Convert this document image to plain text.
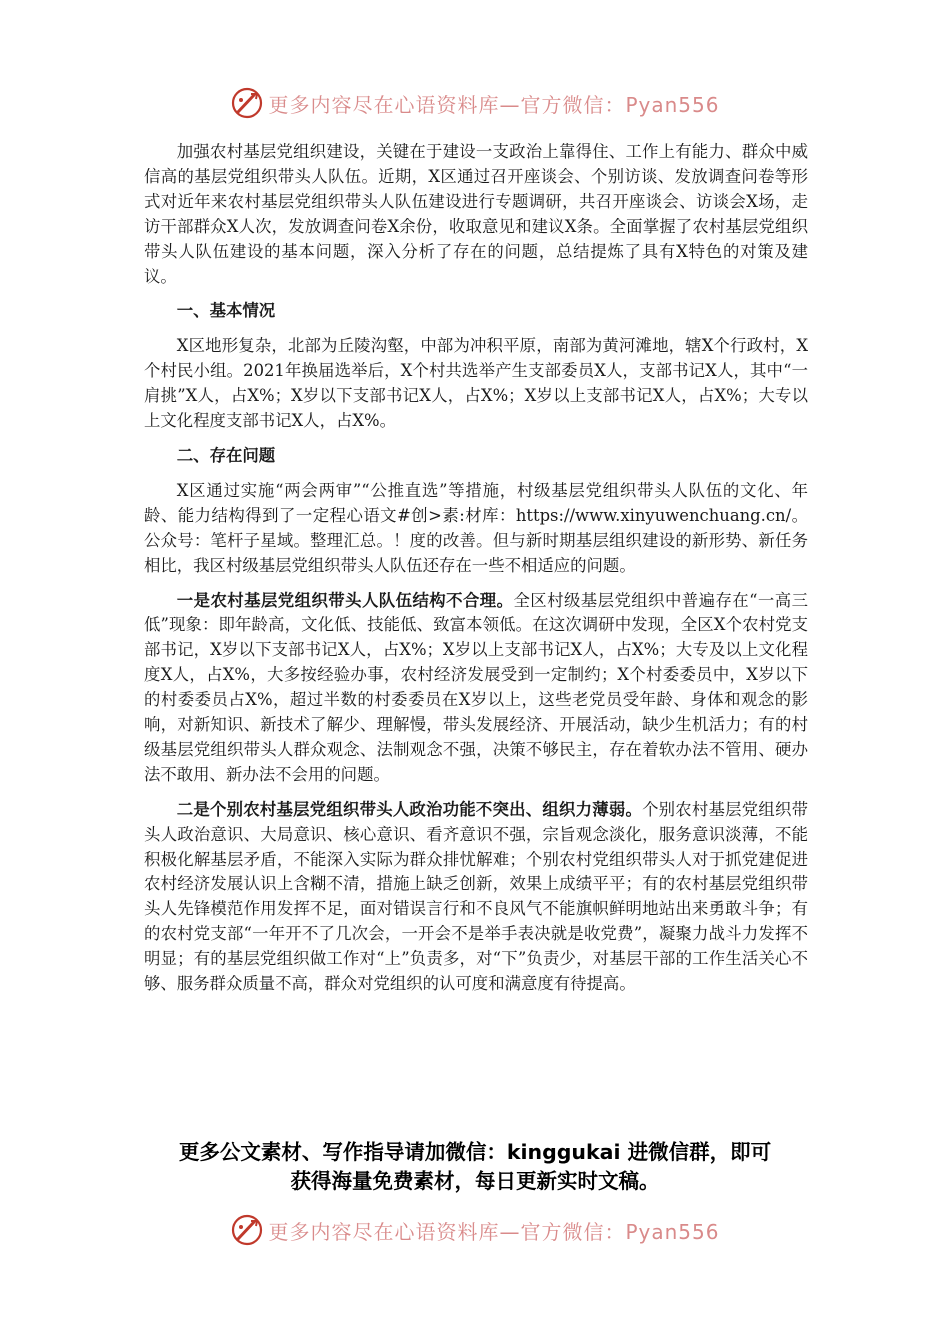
更多内容尽在心语资料库—官方微信：Pyan556

加强农村基层党组织建设，关键在于建设一支政治上靠得住、工作上有能力、群众中威信高的基层党组织带头人队伍。近期，X区通过召开座谈会、个别访谈、发放调查问卷等形式对近年来农村基层党组织带头人队伍建设进行专题调研，共召开座谈会、访谈会X场，走访干部群众X人次，发放调查问卷X余份，收取意见和建议X条。全面掌握了农村基层党组织带头人队伍建设的基本问题，深入分析了存在的问题，总结提炼了具有X特色的对策及建议。

一、基本情况

X区地形复杂，北部为丘陵沟壑，中部为冲积平原，南部为黄河滩地，辖X个行政村，X个村民小组。2021年换届选举后，X个村共选举产生支部委员X人，支部书记X人，其中“一肩挑”X人，占X%；X岁以下支部书记X人，占X%；X岁以上支部书记X人，占X%；大专以上文化程度支部书记X人，占X%。

二、存在问题

X区通过实施“两会两审”“公推直选”等措施，村级基层党组织带头人队伍的文化、年龄、能力结构得到了一定程心语文#创>素:材库：https://www.xinyuwenchuang.cn/。公众号：笔杆子星域。整理汇总。！度的改善。但与新时期基层组织建设的新形势、新任务相比，我区村级基层党组织带头人队伍还存在一些不相适应的问题。

一是农村基层党组织带头人队伍结构不合理。全区村级基层党组织中普遍存在“一高三低”现象：即年龄高，文化低、技能低、致富本领低。在这次调研中发现，全区X个农村党支部书记，X岁以下支部书记X人，占X%；X岁以上支部书记X人，占X%；大专及以上文化程度X人，占X%，大多按经验办事，农村经济发展受到一定制约；X个村委委员中，X岁以下的村委委员占X%，超过半数的村委委员在X岁以上，这些老党员受年龄、身体和观念的影响，对新知识、新技术了解少、理解慢，带头发展经济、开展活动，缺少生机活力；有的村级基层党组织带头人群众观念、法制观念不强，决策不够民主，存在着软办法不管用、硬办法不敢用、新办法不会用的问题。

二是个别农村基层党组织带头人政治功能不突出、组织力薄弱。个别农村基层党组织带头人政治意识、大局意识、核心意识、看齐意识不强，宗旨观念淡化，服务意识淡薄，不能积极化解基层矛盾，不能深入实际为群众排忧解难；个别农村党组织带头人对于抓党建促进农村经济发展认识上含糊不清，措施上缺乏创新，效果上成绩平平；有的农村基层党组织带头人先锋模范作用发挥不足，面对错误言行和不良风气不能旗帜鲜明地站出来勇敢斗争；有的农村党支部“一年开不了几次会，一开会不是举手表决就是收党费”，凝聚力战斗力发挥不明显；有的基层党组织做工作对“上”负责多，对“下”负责少，对基层干部的工作生活关心不够、服务群众质量不高，群众对党组织的认可度和满意度有待提高。

更多公文素材、写作指导请加微信：kinggukai 进微信群，即可
获得海量免费素材，每日更新实时文稿。
更多内容尽在心语资料库—官方微信：Pyan556
